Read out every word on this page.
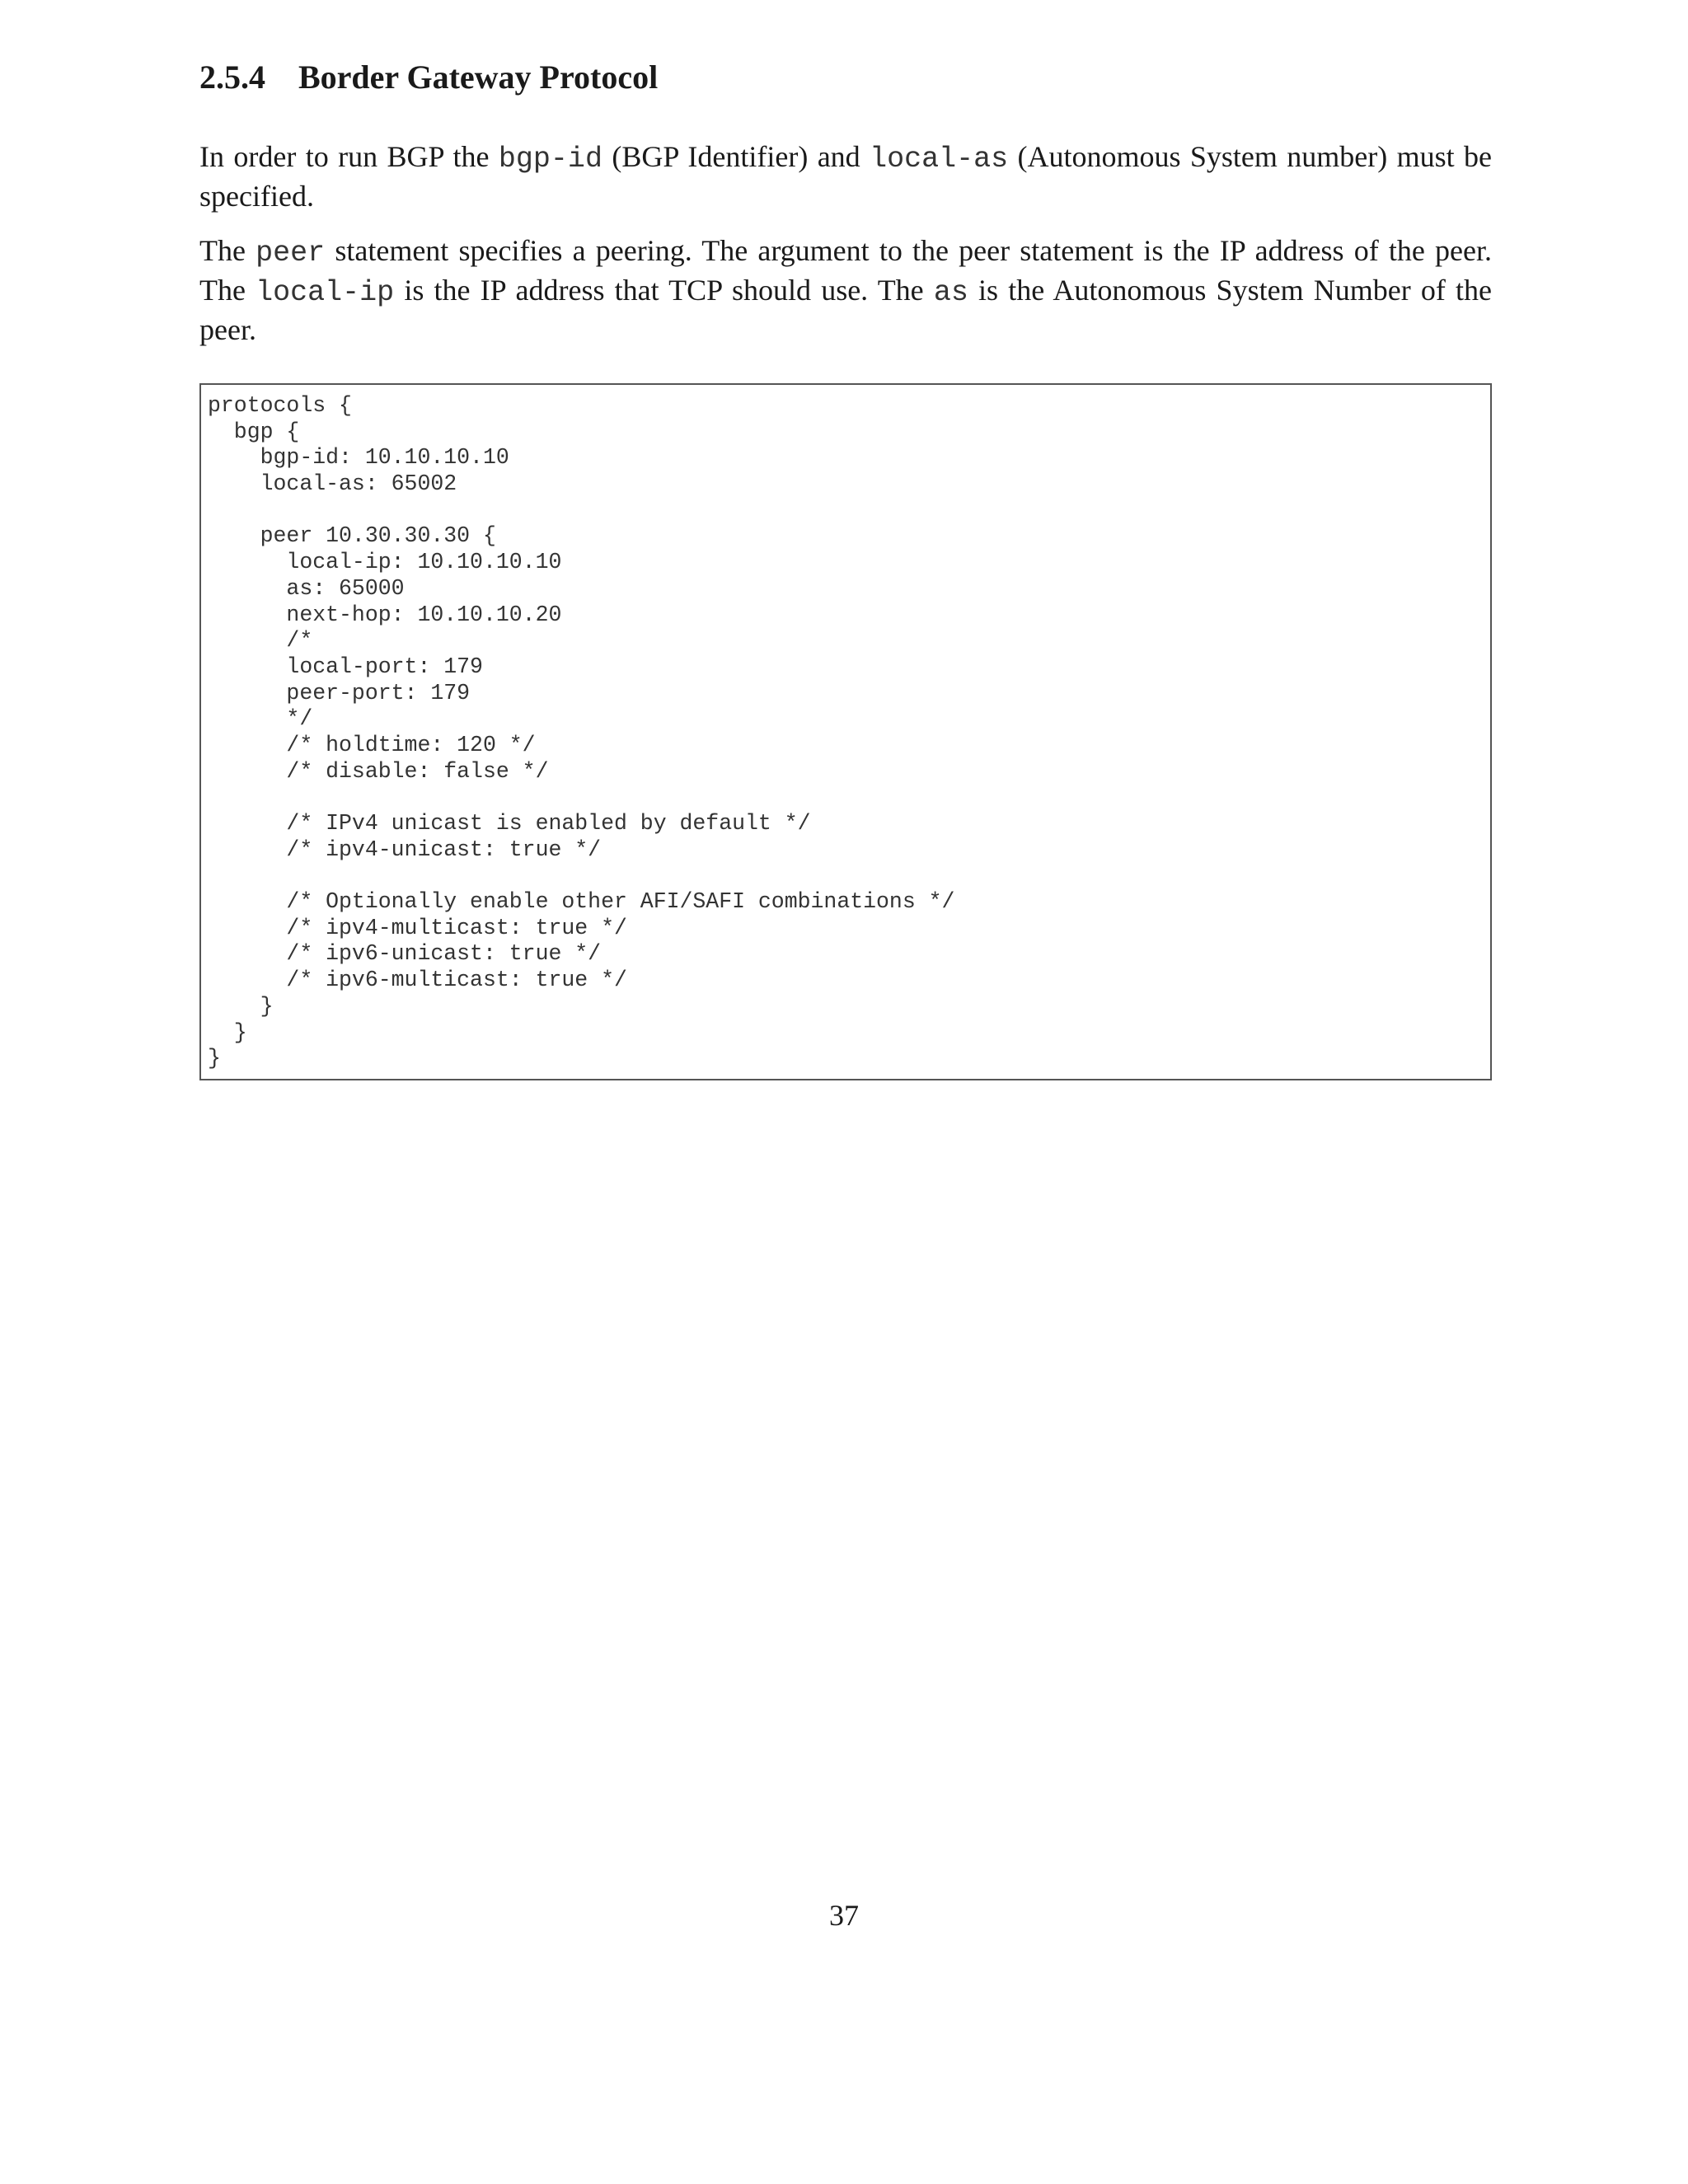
2.5.4 Border Gateway Protocol

In order to run BGP the bgp-id (BGP Identifier) and local-as (Autonomous System number) must be specified.

The peer statement specifies a peering. The argument to the peer statement is the IP address of the peer. The local-ip is the IP address that TCP should use. The as is the Autonomous System Number of the peer.

protocols {
bgp {
bgp-id: 10.10.10.10
local-as: 65002
peer 10.30.30.30 {
local-ip: 10.10.10.10
as: 65000
next-hop: 10.10.10.20
/*
local-port: 179
peer-port: 179
*/
/* holdtime: 120 */
/* disable: false */
/* IPv4 unicast is enabled by default */
/* ipv4-unicast: true */
/* Optionally enable other AFI/SAFI combinations */
/* ipv4-multicast: true */
/* ipv6-unicast: true */
/* ipv6-multicast: true */
}
}
}
37
